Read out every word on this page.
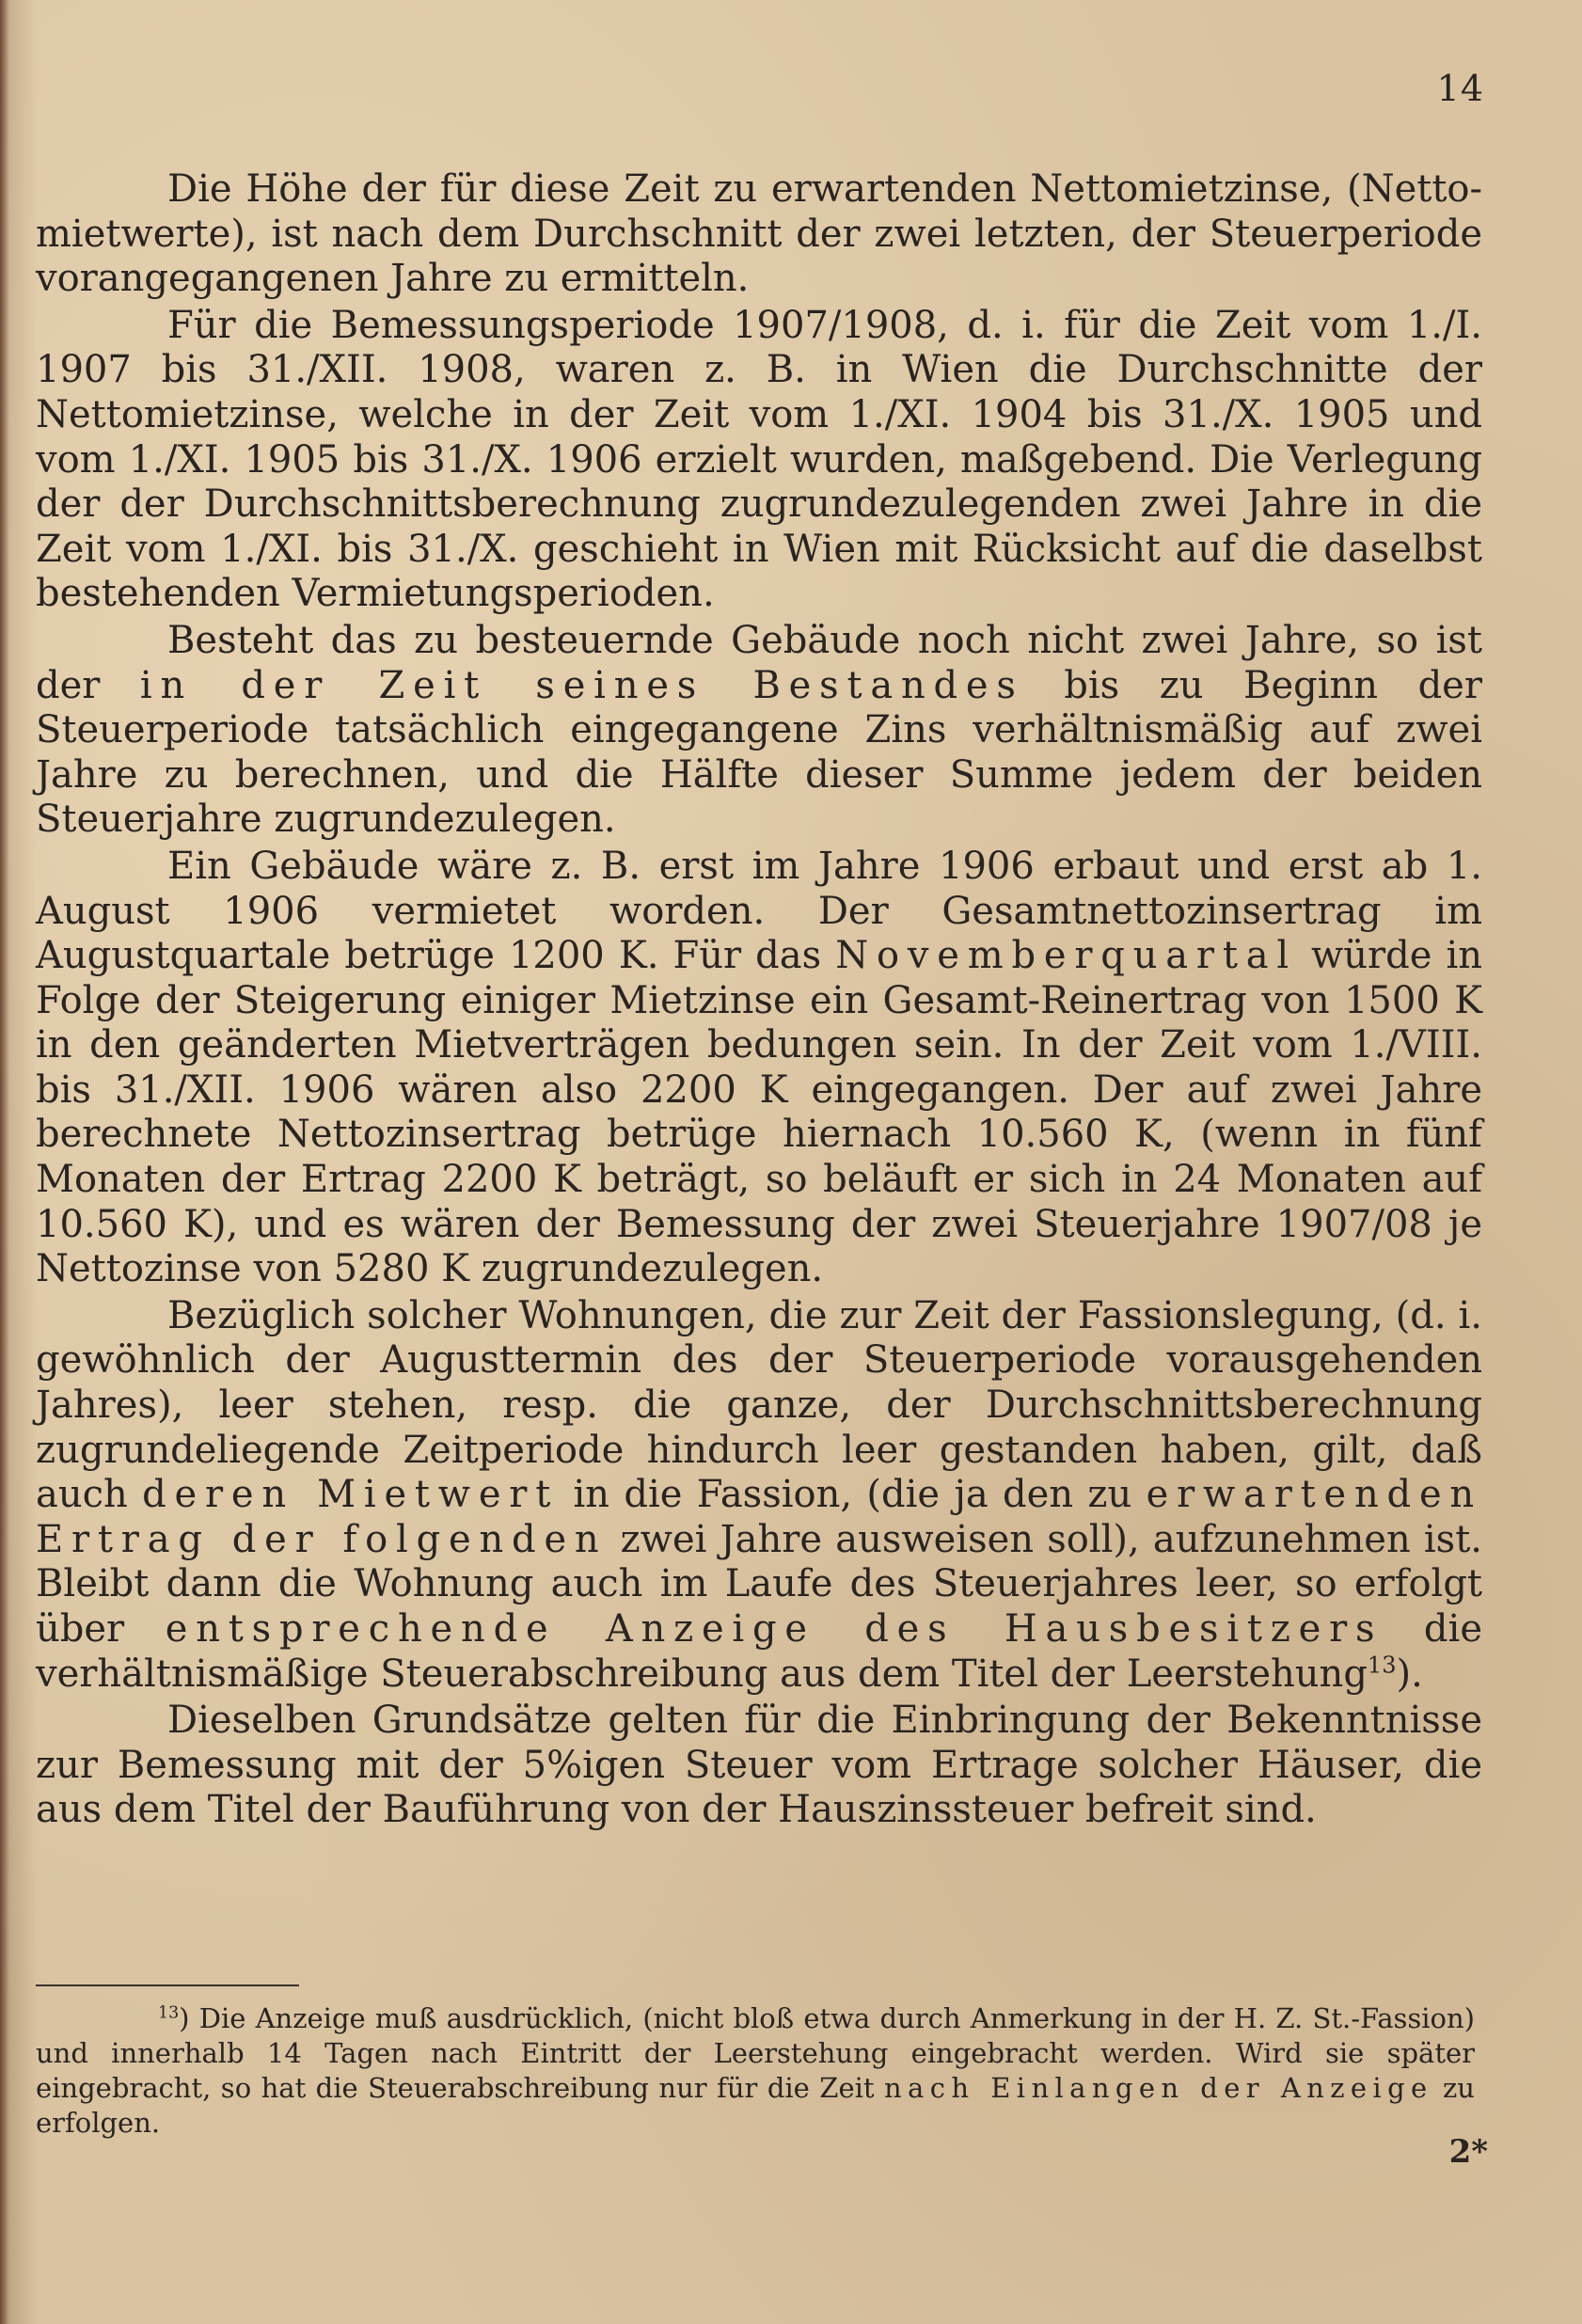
14

Die Höhe der für diese Zeit zu erwartenden Nettomietzinse, (Netto-mietwerte), ist nach dem Durchschnitt der zwei letzten, der Steuerperiode vorangegangenen Jahre zu ermitteln.

Für die Bemessungsperiode 1907/1908, d. i. für die Zeit vom 1./I. 1907 bis 31./XII. 1908, waren z. B. in Wien die Durchschnitte der Nettomietzinse, welche in der Zeit vom 1./XI. 1904 bis 31./X. 1905 und vom 1./XI. 1905 bis 31./X. 1906 erzielt wurden, maßgebend. Die Verlegung der der Durchschnittsberechnung zugrundezulegenden zwei Jahre in die Zeit vom 1./XI. bis 31./X. geschieht in Wien mit Rücksicht auf die daselbst bestehenden Vermietungsperioden.

Besteht das zu besteuernde Gebäude noch nicht zwei Jahre, so ist der in der Zeit seines Bestandes bis zu Beginn der Steuerperiode tatsächlich eingegangene Zins verhältnismäßig auf zwei Jahre zu berechnen, und die Hälfte dieser Summe jedem der beiden Steuerjahre zugrundezulegen.

Ein Gebäude wäre z. B. erst im Jahre 1906 erbaut und erst ab 1. August 1906 vermietet worden. Der Gesamtnettozinsertrag im Augustquartale betrüge 1200 K. Für das Novemberquartal würde in Folge der Steigerung einiger Mietzinse ein Gesamt-Reinertrag von 1500 K in den geänderten Mietverträgen bedungen sein. In der Zeit vom 1./VIII. bis 31./XII. 1906 wären also 2200 K eingegangen. Der auf zwei Jahre berechnete Nettozinsertrag betrüge hiernach 10.560 K, (wenn in fünf Monaten der Ertrag 2200 K beträgt, so beläuft er sich in 24 Monaten auf 10.560 K), und es wären der Bemessung der zwei Steuerjahre 1907/08 je Nettozinse von 5280 K zugrundezulegen.

Bezüglich solcher Wohnungen, die zur Zeit der Fassionslegung, (d. i. gewöhnlich der Augusttermin des der Steuerperiode vorausgehenden Jahres), leer stehen, resp. die ganze, der Durchschnittsberechnung zugrundeliegende Zeitperiode hindurch leer gestanden haben, gilt, daß auch deren Mietwert in die Fassion, (die ja den zu erwartenden Ertrag der folgenden zwei Jahre ausweisen soll), aufzunehmen ist. Bleibt dann die Wohnung auch im Laufe des Steuerjahres leer, so erfolgt über entsprechende Anzeige des Hausbesitzers die verhältnismäßige Steuerabschreibung aus dem Titel der Leerstehung$^{13}$).

Dieselben Grundsätze gelten für die Einbringung der Bekenntnisse zur Bemessung mit der 5%igen Steuer vom Ertrage solcher Häuser, die aus dem Titel der Bauführung von der Hauszinssteuer befreit sind.

$^{13}$) Die Anzeige muß ausdrücklich, (nicht bloß etwa durch Anmerkung in der H. Z. St.-Fassion) und innerhalb 14 Tagen nach Eintritt der Leerstehung eingebracht werden. Wird sie später eingebracht, so hat die Steuerabschreibung nur für die Zeit nach Einlangen der Anzeige zu erfolgen.

2*
